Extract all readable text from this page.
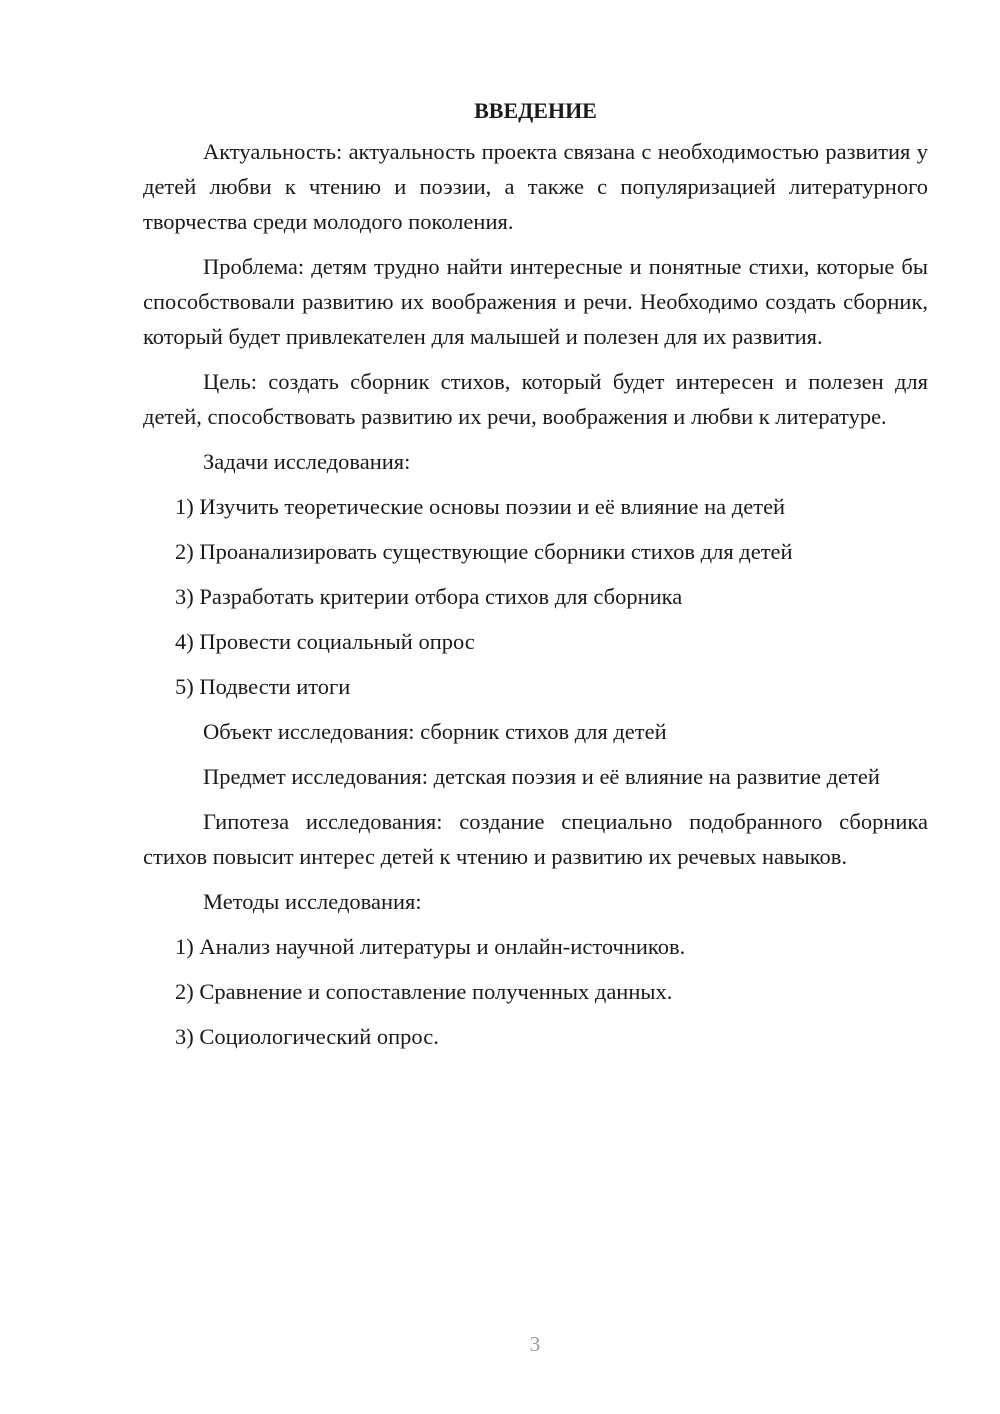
ВВЕДЕНИЕ

Актуальность: актуальность проекта связана с необходимостью развития у детей любви к чтению и поэзии, а также с популяризацией литературного творчества среди молодого поколения.

Проблема: детям трудно найти интересные и понятные стихи, которые бы способствовали развитию их воображения и речи. Необходимо создать сборник, который будет привлекателен для малышей и полезен для их развития.

Цель: создать сборник стихов, который будет интересен и полезен для детей, способствовать развитию их речи, воображения и любви к литературе.

Задачи исследования:

1) Изучить теоретические основы поэзии и её влияние на детей

2) Проанализировать существующие сборники стихов для детей

3) Разработать критерии отбора стихов для сборника

4) Провести социальный опрос

5) Подвести итоги

Объект исследования: сборник стихов для детей

Предмет исследования: детская поэзия и её влияние на развитие детей

Гипотеза исследования: создание специально подобранного сборника стихов повысит интерес детей к чтению и развитию их речевых навыков.

Методы исследования:

1) Анализ научной литературы и онлайн-источников.

2) Сравнение и сопоставление полученных данных.

3) Социологический опрос.

3
